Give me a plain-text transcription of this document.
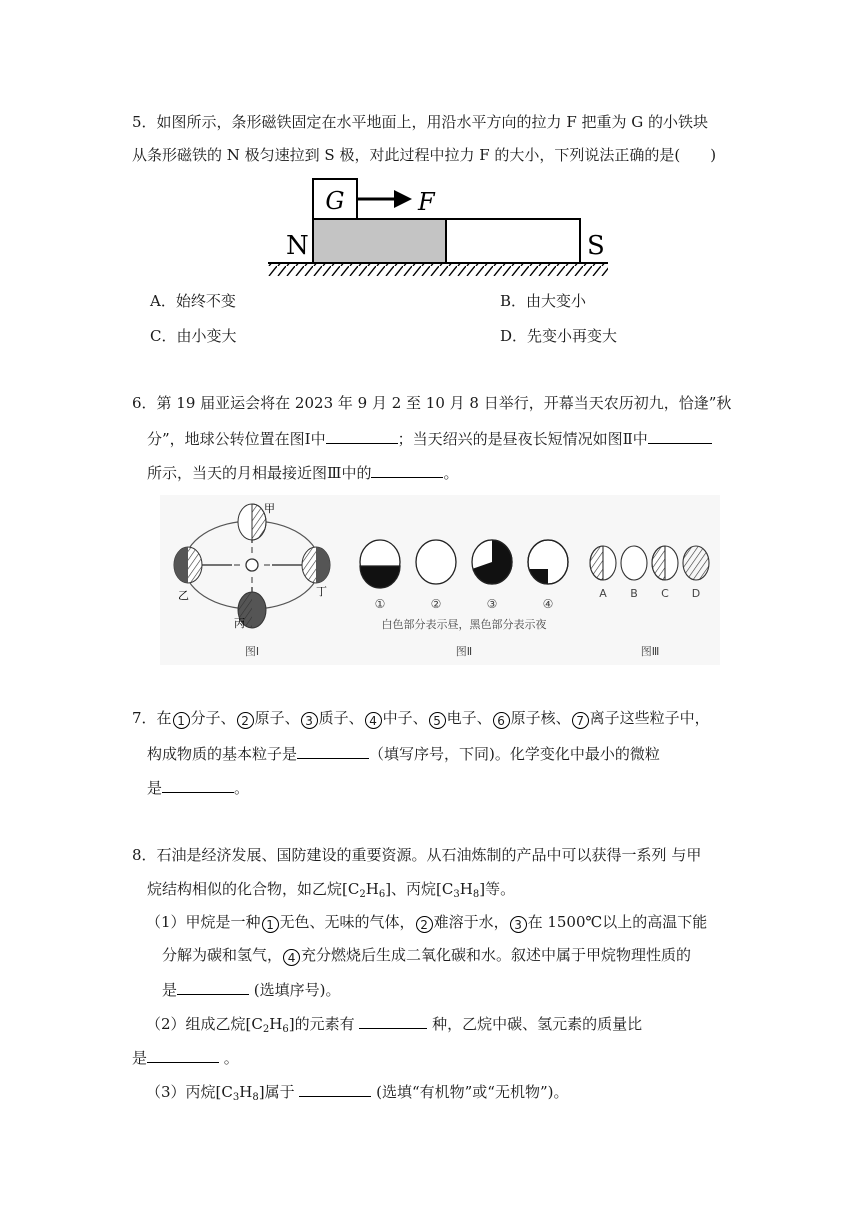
5．如图所示，条形磁铁固定在水平地面上，用沿水平方向的拉力 F 把重为 G 的小铁块
从条形磁铁的 N 极匀速拉到 S 极，对此过程中拉力 F 的大小，下列说法正确的是(　　)
G	F
N	S
A．始终不变	B．由大变小
C．由小变大	D．先变小再变大
6．第 19 届亚运会将在 2023 年 9 月 2 至 10 月 8 日举行，开幕当天农历初九，恰逢”秋
分”，地球公转位置在图Ⅰ中	；当天绍兴的是昼夜长短情况如图Ⅱ中
所示，当天的月相最接近图Ⅲ中的	。
甲
乙
丙
丁
图Ⅰ
①	②	③	④
白色部分表示昼，黑色部分表示夜
图Ⅱ
A B C D
图Ⅲ
7．在 1 分子、 2 原子、 3 质子、 4 中子、 5 电子、 6 原子核、 7 离子这些粒子中，
构成物质的基本粒子是	（填写序号，下同)。化学变化中最小的微粒
是	。
8．石油是经济发展、国防建设的重要资源。从石油炼制的产品中可以获得一系列 与甲
烷结构相似的化合物，如乙烷$[C_2H_6]$、丙烷$[C_3H_8]$等。
（1）甲烷是一种 1 无色、无味的气体， 2 难溶于水， 3 在 1500℃以上的高温下能
分解为碳和氢气， 4 充分燃烧后生成二氧化碳和水。叙述中属于甲烷物理性质的
是	(选填序号)。
（2）组成乙烷$[C_2H_6]$的元素有	种，乙烷中碳、氢元素的质量比
是	。
（3）丙烷$[C_3H_8]$属于	(选填“有机物”或“无机物”)。
